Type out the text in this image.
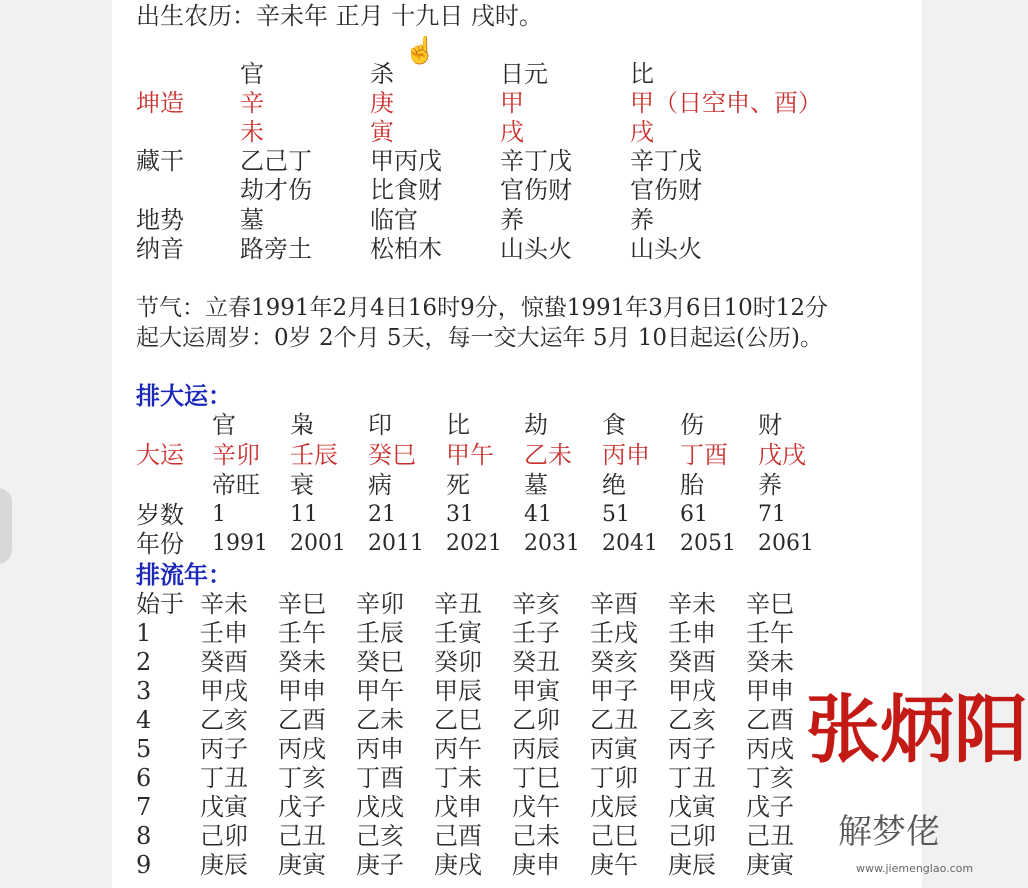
出生农历：辛未年 正月 十九日 戌时。
☝
官	杀	日元	比
坤造 辛	庚	甲	甲（日空申、酉）
未	寅	戌	戌
藏干 乙己丁 甲丙戊 辛丁戊 辛丁戊
劫才伤 比食财 官伤财 官伤财
地势 墓	临官	养	养
纳音 路旁土 松柏木 山头火 山头火
节气：立春1991年2月4日16时9分，惊蛰1991年3月6日10时12分
起大运周岁：0岁 2个月 5天，每一交大运年 5月 10日起运(公历)。
排大运：
官 枭 印 比 劫 食 伤 财
大运 辛卯 壬辰 癸巳 甲午 乙未 丙申 丁酉 戊戌
帝旺 衰 病 死 墓 绝 胎 养
岁数 1	11 21 31 41 51 61 71
年份 1991 2001 2011 2021 2031 2041 2051 2061
排流年：
始于 辛未 辛巳 辛卯 辛丑 辛亥 辛酉 辛未 辛巳
1 壬申 壬午 壬辰 壬寅 壬子 壬戌 壬申 壬午
2 癸酉 癸未 癸巳 癸卯 癸丑 癸亥 癸酉 癸未
3 甲戌 甲申 甲午 甲辰 甲寅 甲子 甲戌 甲申
4 乙亥 乙酉 乙未 乙巳 乙卯 乙丑 乙亥 乙酉
5 丙子 丙戌 丙申 丙午 丙辰 丙寅 丙子 丙戌
6 丁丑 丁亥 丁酉 丁未 丁巳 丁卯 丁丑 丁亥
7 戊寅 戊子 戊戌 戊申 戊午 戊辰 戊寅 戊子
8 己卯 己丑 己亥 己酉 己未 己巳 己卯 己丑
9 庚辰 庚寅 庚子 庚戌 庚申 庚午 庚辰 庚寅
张炳阳
解梦佬
www.jiemenglao.com
